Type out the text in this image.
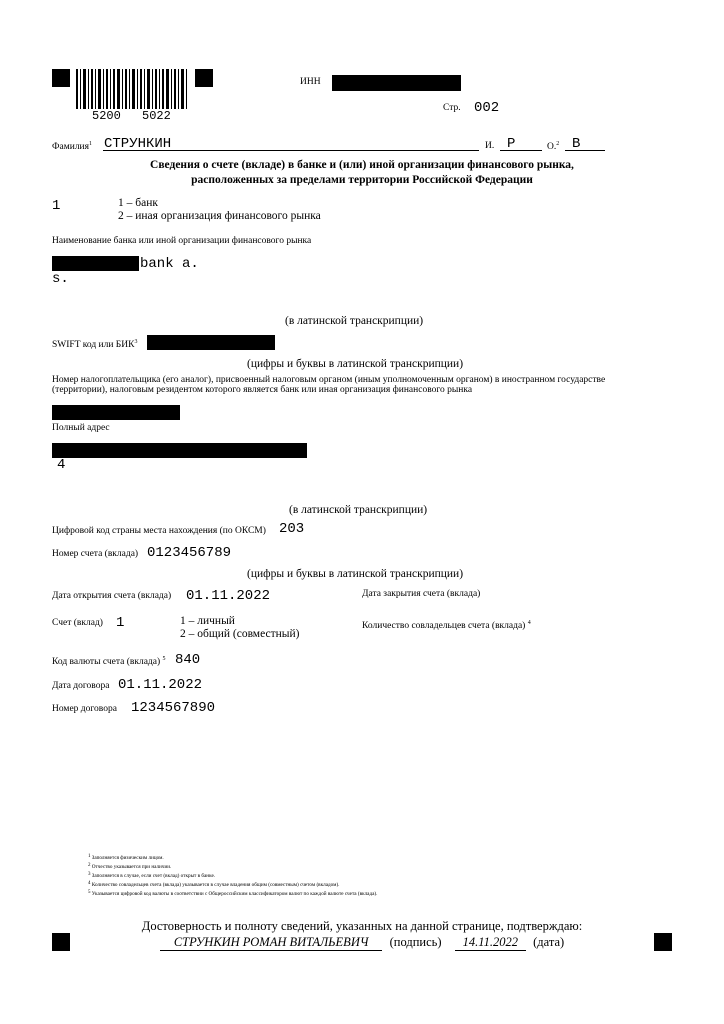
5200 5022
ИНН
Стр. 002
Фамилия$^1$ СТРУНКИН	И. Р	О.$^2$ В
Сведения о счете (вкладе) в банке и (или) иной организации финансового рынка,
расположенных за пределами территории Российской Федерации
1	1 – банк
2 – иная организация финансового рынка
Наименование банка или иной организации финансового рынка
bank a.
s.
(в латинской транскрипции)
SWIFT код или БИК$^3$
(цифры и буквы в латинской транскрипции)
Номер налогоплательщика (его аналог), присвоенный налоговым органом (иным уполномоченным органом) в иностранном государстве
(территории), налоговым резидентом которого является банк или иная организация финансового рынка
Полный адрес
4
(в латинской транскрипции)
Цифровой код страны места нахождения (по ОКСМ) 203
Номер счета (вклада) 0123456789
(цифры и буквы в латинской транскрипции)
Дата открытия счета (вклада) 01.11.2022	Дата закрытия счета (вклада)
Счет (вклад) 1	1 – личный
2 – общий (совместный)
Количество совладельцев счета (вклада) $^4$
Код валюты счета (вклада) $^5$ 840
Дата договора 01.11.2022
Номер договора 1234567890
$^1$ Заполняется физическим лицом.
$^2$ Отчество указывается при наличии.
$^3$ Заполняется в случае, если счет (вклад) открыт в банке.
$^4$ Количество совладельцев счета (вклада) указывается в случае владения общим (совместным) счетом (вкладом).
$^5$ Указывается цифровой код валюты в соответствии с Общероссийским классификатором валют по каждой валюте счета (вклада).
Достоверность и полноту сведений, указанных на данной странице, подтверждаю:
СТРУНКИН РОМАН ВИТАЛЬЕВИЧ (подпись) 14.11.2022 (дата)
